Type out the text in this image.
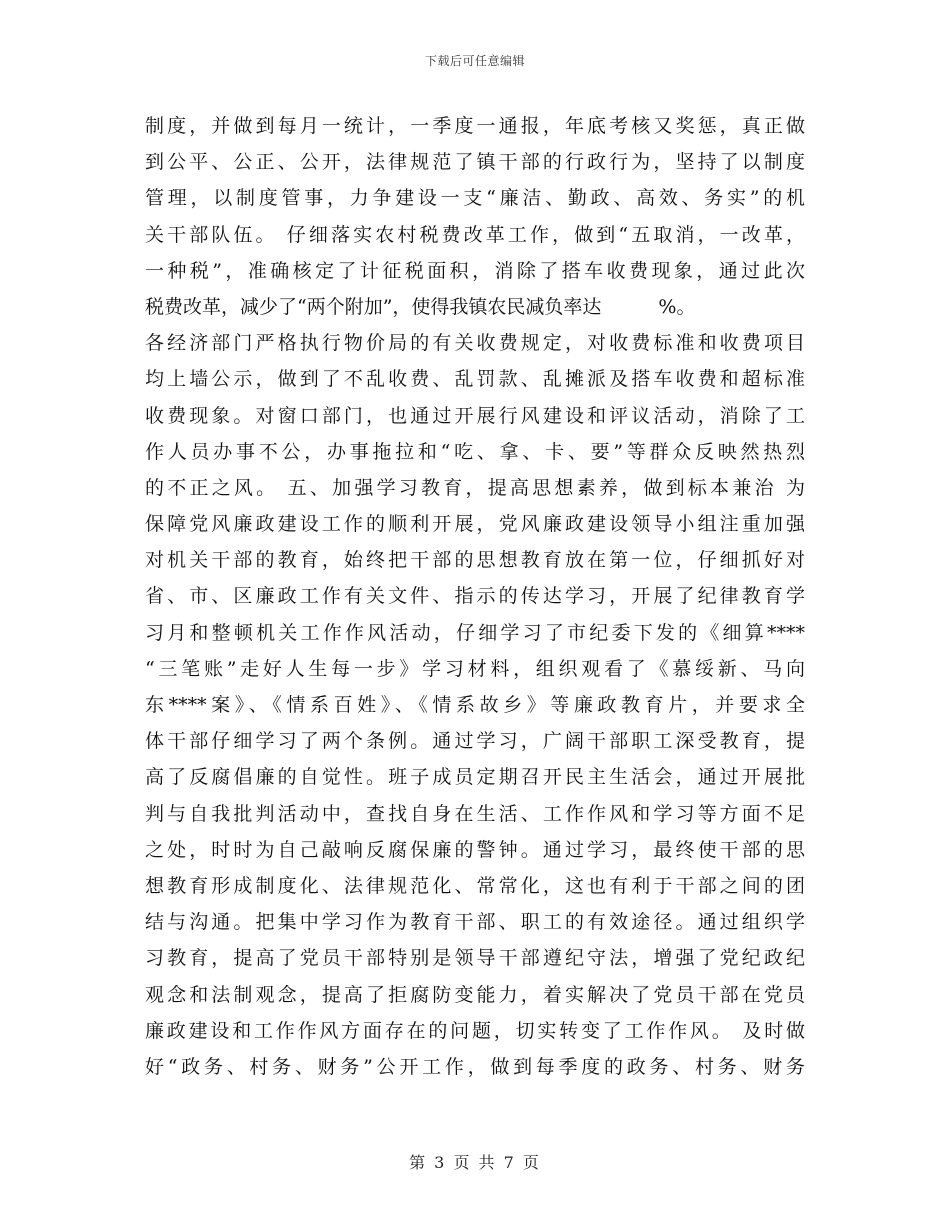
下载后可任意编辑
制度，并做到每月一统计，一季度一通报，年底考核又奖惩，真正做
到公平、公正、公开，法律规范了镇干部的行政行为，坚持了以制度
管理，以制度管事，力争建设一支“廉洁、勤政、高效、务实”的机
关干部队伍。 仔细落实农村税费改革工作，做到“五取消，一改革，
一种税”，准确核定了计征税面积，消除了搭车收费现象，通过此次
税费改革，减少了“两个附加”，使得我镇农民减负率达　　　%。
各经济部门严格执行物价局的有关收费规定，对收费标准和收费项目
均上墙公示，做到了不乱收费、乱罚款、乱摊派及搭车收费和超标准
收费现象。对窗口部门，也通过开展行风建设和评议活动，消除了工
作人员办事不公，办事拖拉和“吃、拿、卡、要”等群众反映然热烈
的不正之风。 五、加强学习教育，提高思想素养，做到标本兼治 为
保障党风廉政建设工作的顺利开展，党风廉政建设领导小组注重加强
对机关干部的教育，始终把干部的思想教育放在第一位，仔细抓好对
省、市、区廉政工作有关文件、指示的传达学习，开展了纪律教育学
习月和整顿机关工作作风活动，仔细学习了市纪委下发的《细算****
“三笔账”走好人生每一步》学习材料，组织观看了《慕绥新、马向
东****案》、《情系百姓》、《情系故乡》等廉政教育片，并要求全
体干部仔细学习了两个条例。通过学习，广阔干部职工深受教育，提
高了反腐倡廉的自觉性。班子成员定期召开民主生活会，通过开展批
判与自我批判活动中，查找自身在生活、工作作风和学习等方面不足
之处，时时为自己敲响反腐保廉的警钟。通过学习，最终使干部的思
想教育形成制度化、法律规范化、常常化，这也有利于干部之间的团
结与沟通。把集中学习作为教育干部、职工的有效途径。通过组织学
习教育，提高了党员干部特别是领导干部遵纪守法，增强了党纪政纪
观念和法制观念，提高了拒腐防变能力，着实解决了党员干部在党员
廉政建设和工作作风方面存在的问题，切实转变了工作作风。 及时做
好“政务、村务、财务”公开工作，做到每季度的政务、村务、财务
第 3 页 共 7 页
